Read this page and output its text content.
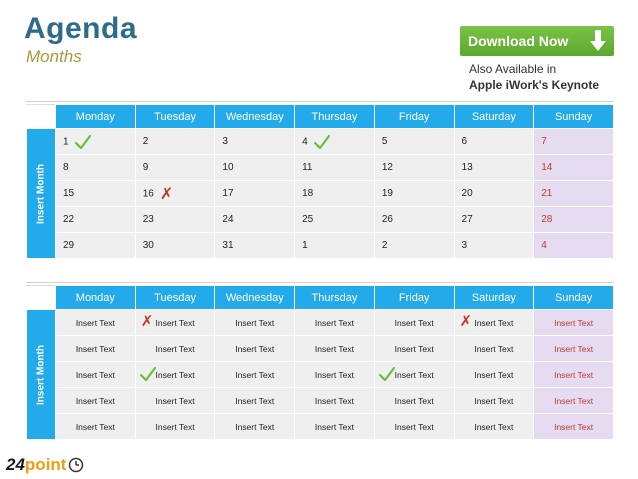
Agenda
Months
Download Now
Also Available in
Apple iWork's Keynote
	Monday	Tuesday	Wednesday	Thursday	Friday	Saturday	Sunday

Insert Month	1	2	3	4	5	6	7
	8	9	10	11	12	13	14
	15	16 ✗	17	18	19	20	21
	22	23	24	25	26	27	28
	29	30	31	1	2	3	4
	Monday	Tuesday	Wednesday	Thursday	Friday	Saturday	Sunday

Insert Month	Insert Text	✗ Insert Text	Insert Text	Insert Text	Insert Text	✗ Insert Text	Insert Text
	Insert Text	Insert Text	Insert Text	Insert Text	Insert Text	Insert Text	Insert Text
	Insert Text	Insert Text	Insert Text	Insert Text	Insert Text	Insert Text	Insert Text
	Insert Text	Insert Text	Insert Text	Insert Text	Insert Text	Insert Text	Insert Text
	Insert Text	Insert Text	Insert Text	Insert Text	Insert Text	Insert Text	Insert Text
24point
